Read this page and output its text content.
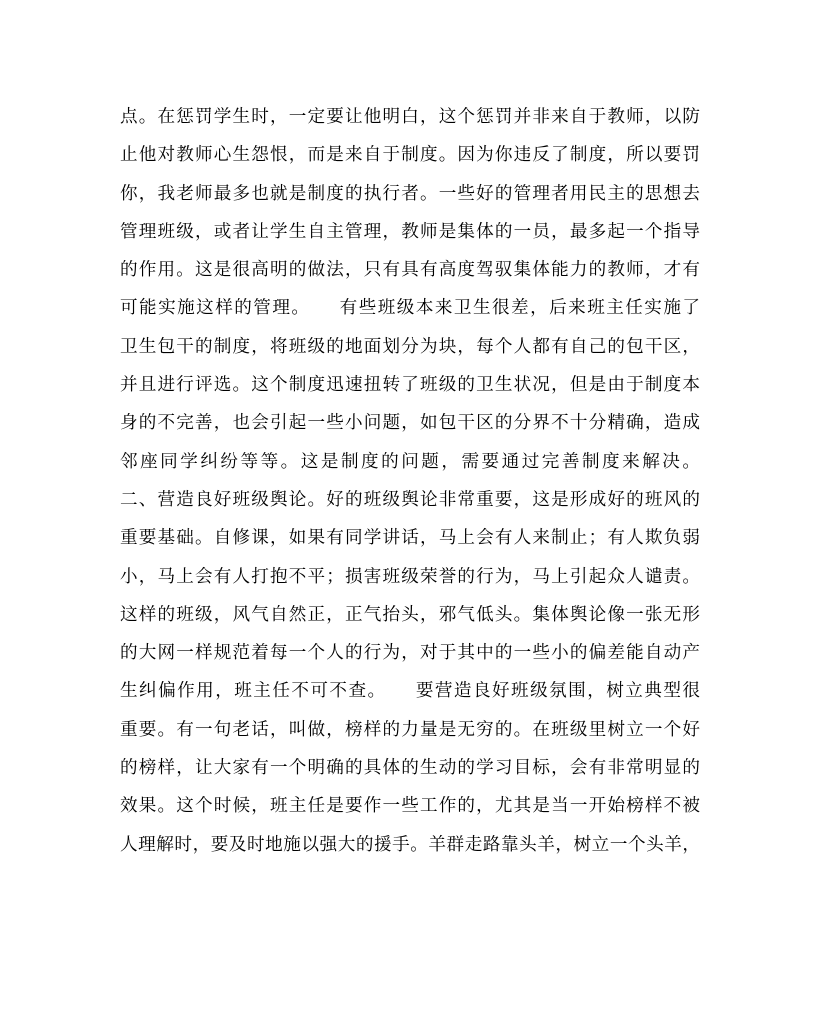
点。在惩罚学生时，一定要让他明白，这个惩罚并非来自于教师，以防
止他对教师心生怨恨，而是来自于制度。因为你违反了制度，所以要罚
你，我老师最多也就是制度的执行者。一些好的管理者用民主的思想去
管理班级，或者让学生自主管理，教师是集体的一员，最多起一个指导
的作用。这是很高明的做法，只有具有高度驾驭集体能力的教师，才有
可能实施这样的管理。　　有些班级本来卫生很差，后来班主任实施了
卫生包干的制度，将班级的地面划分为块，每个人都有自己的包干区，
并且进行评选。这个制度迅速扭转了班级的卫生状况，但是由于制度本
身的不完善，也会引起一些小问题，如包干区的分界不十分精确，造成
邻座同学纠纷等等。这是制度的问题，需要通过完善制度来解决。
二、营造良好班级舆论。好的班级舆论非常重要，这是形成好的班风的
重要基础。自修课，如果有同学讲话，马上会有人来制止；有人欺负弱
小，马上会有人打抱不平；损害班级荣誉的行为，马上引起众人谴责。
这样的班级，风气自然正，正气抬头，邪气低头。集体舆论像一张无形
的大网一样规范着每一个人的行为，对于其中的一些小的偏差能自动产
生纠偏作用，班主任不可不查。　　要营造良好班级氛围，树立典型很
重要。有一句老话，叫做，榜样的力量是无穷的。在班级里树立一个好
的榜样，让大家有一个明确的具体的生动的学习目标，会有非常明显的
效果。这个时候，班主任是要作一些工作的，尤其是当一开始榜样不被
人理解时，要及时地施以强大的援手。羊群走路靠头羊，树立一个头羊，
